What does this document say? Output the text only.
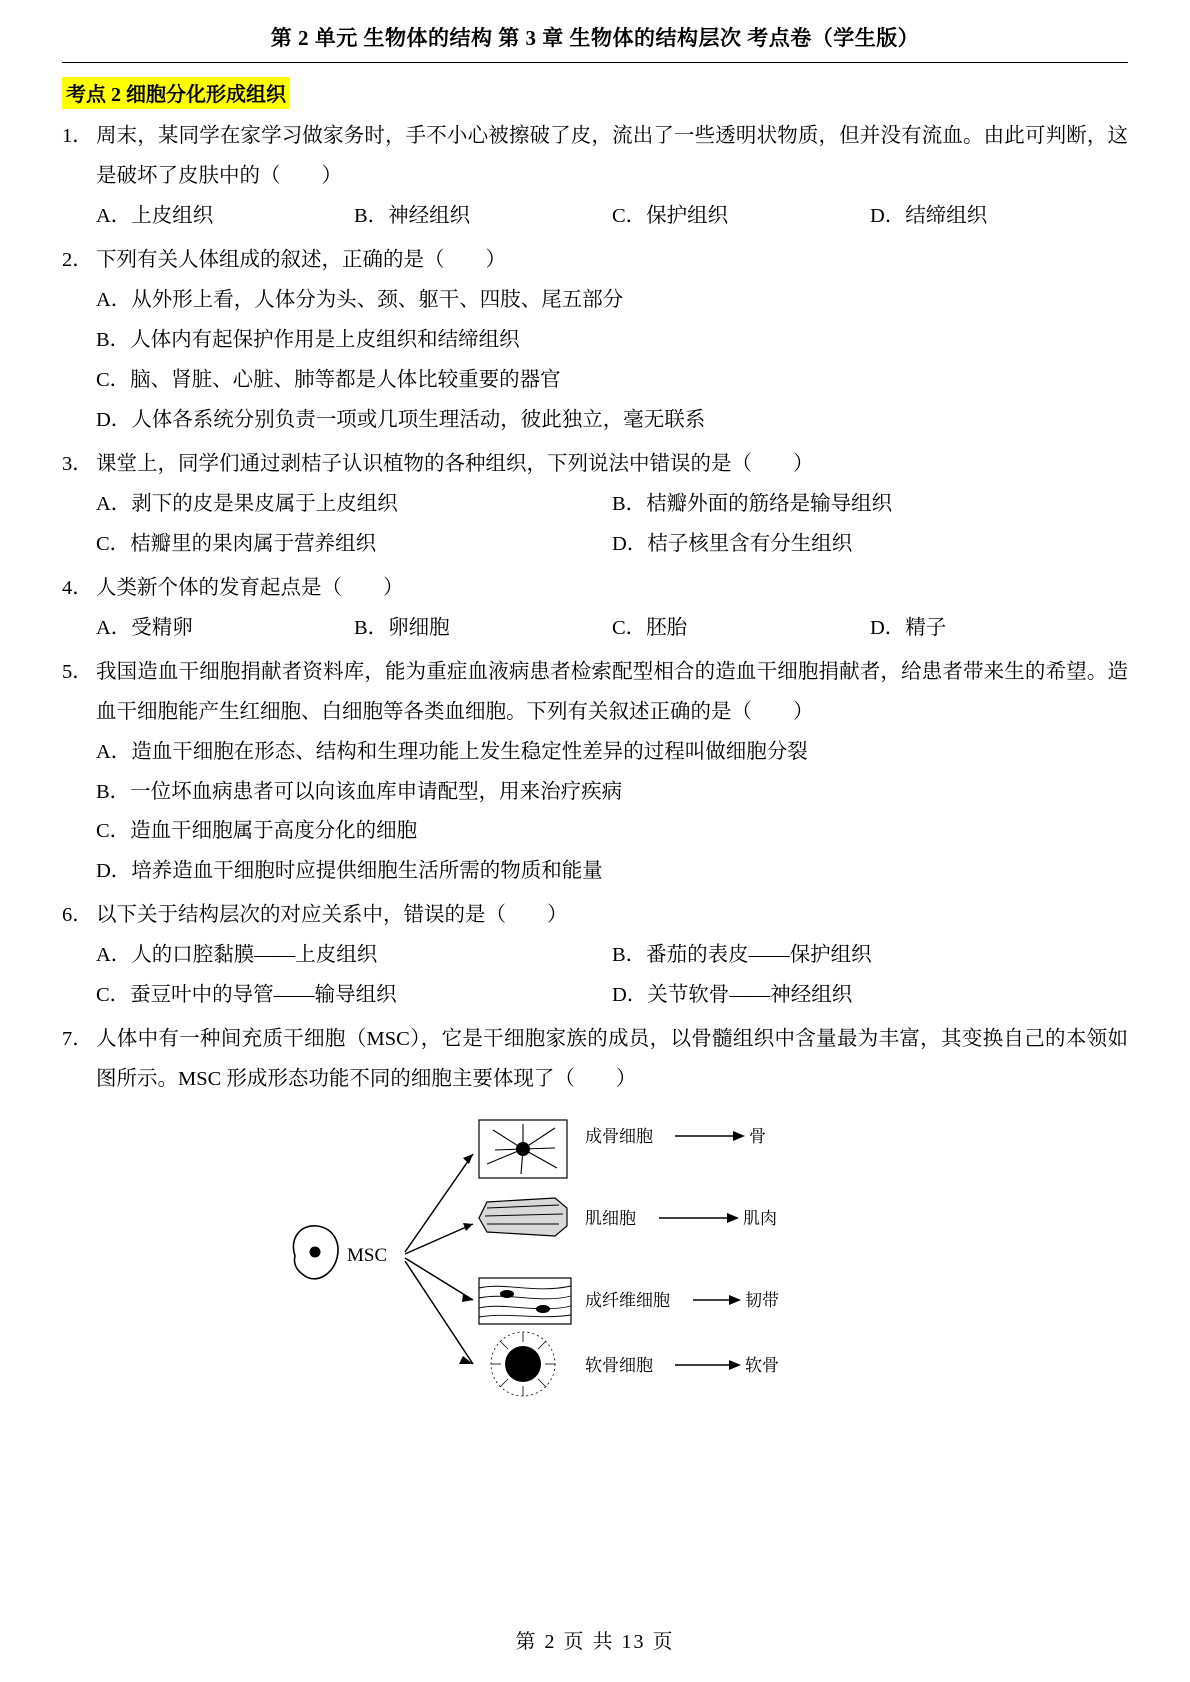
第 2 单元 生物体的结构 第 3 章 生物体的结构层次 考点卷（学生版）
考点 2 细胞分化形成组织
1． 周末，某同学在家学习做家务时，手不小心被擦破了皮，流出了一些透明状物质，但并没有流血。由此可判断，这是破坏了皮肤中的（　　）
A．上皮组织	B．神经组织	C．保护组织	D．结缔组织
2． 下列有关人体组成的叙述，正确的是（　　）
A．从外形上看，人体分为头、颈、躯干、四肢、尾五部分
B．人体内有起保护作用是上皮组织和结缔组织
C．脑、肾脏、心脏、肺等都是人体比较重要的器官
D．人体各系统分别负责一项或几项生理活动，彼此独立，毫无联系
3． 课堂上，同学们通过剥桔子认识植物的各种组织，下列说法中错误的是（　　）
A．剥下的皮是果皮属于上皮组织	B．桔瓣外面的筋络是输导组织
C．桔瓣里的果肉属于营养组织	D．桔子核里含有分生组织
4． 人类新个体的发育起点是（　　）
A．受精卵	B．卵细胞	C．胚胎	D．精子
5． 我国造血干细胞捐献者资料库，能为重症血液病患者检索配型相合的造血干细胞捐献者，给患者带来生的希望。造血干细胞能产生红细胞、白细胞等各类血细胞。下列有关叙述正确的是（　　）
A．造血干细胞在形态、结构和生理功能上发生稳定性差异的过程叫做细胞分裂
B．一位坏血病患者可以向该血库申请配型，用来治疗疾病
C．造血干细胞属于高度分化的细胞
D．培养造血干细胞时应提供细胞生活所需的物质和能量
6． 以下关于结构层次的对应关系中，错误的是（　　）
A．人的口腔黏膜——上皮组织	B．番茄的表皮——保护组织
C．蚕豆叶中的导管——输导组织	D．关节软骨——神经组织
7． 人体中有一种间充质干细胞（MSC），它是干细胞家族的成员，以骨髓组织中含量最为丰富，其变换自己的本领如图所示。MSC 形成形态功能不同的细胞主要体现了（　　）
MSC
成骨细胞	骨
肌细胞	肌肉
成纤维细胞	韧带
软骨细胞	软骨
第 2 页 共 13 页
